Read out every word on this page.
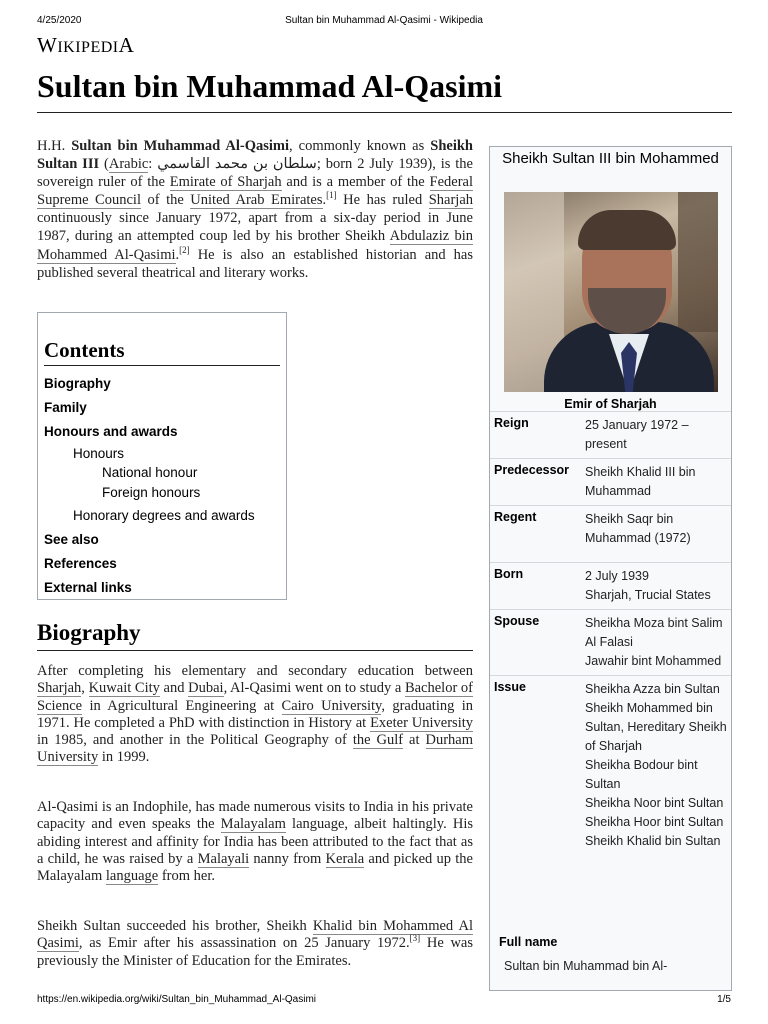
4/25/2020	Sultan bin Muhammad Al-Qasimi - Wikipedia
WIKIPEDIA
Sultan bin Muhammad Al-Qasimi

H.H. Sultan bin Muhammad Al-Qasimi, commonly known as Sheikh Sultan III (Arabic: سلطان بن محمد القاسمي; born 2 July 1939), is the sovereign ruler of the Emirate of Sharjah and is a member of the Federal Supreme Council of the United Arab Emirates.[1] He has ruled Sharjah continuously since January 1972, apart from a six-day period in June 1987, during an attempted coup led by his brother Sheikh Abdulaziz bin Mohammed Al-Qasimi.[2] He is also an established historian and has published several theatrical and literary works.

Contents
Biography
Family
Honours and awards
Honours
National honour
Foreign honours
Honorary degrees and awards
See also
References
External links
Biography

After completing his elementary and secondary education between Sharjah, Kuwait City and Dubai, Al-Qasimi went on to study a Bachelor of Science in Agricultural Engineering at Cairo University, graduating in 1971. He completed a PhD with distinction in History at Exeter University in 1985, and another in the Political Geography of the Gulf at Durham University in 1999.

Al-Qasimi is an Indophile, has made numerous visits to India in his private capacity and even speaks the Malayalam language, albeit haltingly. His abiding interest and affinity for India has been attributed to the fact that as a child, he was raised by a Malayali nanny from Kerala and picked up the Malayalam language from her.

Sheikh Sultan succeeded his brother, Sheikh Khalid bin Mohammed Al Qasimi, as Emir after his assassination on 25 January 1972.[3] He was previously the Minister of Education for the Emirates.

Sheikh Sultan III bin Mohammed
Emir of Sharjah
Reign	25 January 1972 – present
Predecessor	Sheikh Khalid III bin Muhammad
Regent	Sheikh Saqr bin Muhammad (1972)
Born	2 July 1939
Sharjah, Trucial States
Spouse	Sheikha Moza bint Salim Al Falasi
Jawahir bint Mohammed
Issue	Sheikha Azza bin Sultan
Sheikh Mohammed bin Sultan, Hereditary Sheikh of Sharjah
Sheikha Bodour bint Sultan
Sheikha Noor bint Sultan
Sheikha Hoor bint Sultan
Sheikh Khalid bin Sultan
Full name
Sultan bin Muhammad bin Al-
https://en.wikipedia.org/wiki/Sultan_bin_Muhammad_Al-Qasimi	1/5
